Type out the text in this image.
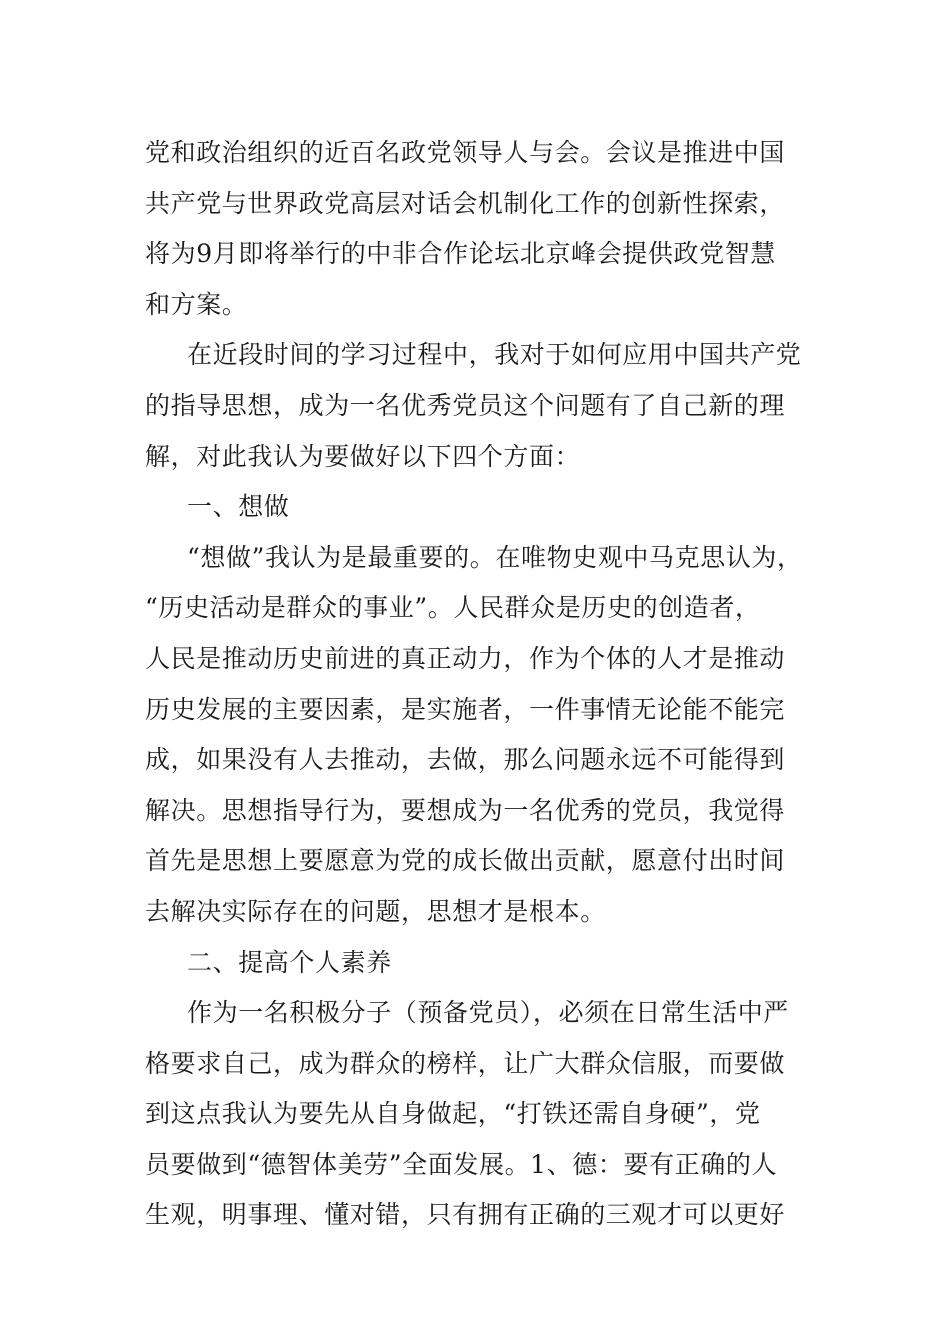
党和政治组织的近百名政党领导人与会。会议是推进中国
共产党与世界政党高层对话会机制化工作的创新性探索，
将为9月即将举行的中非合作论坛北京峰会提供政党智慧
和方案。
在近段时间的学习过程中，我对于如何应用中国共产党
的指导思想，成为一名优秀党员这个问题有了自己新的理
解，对此我认为要做好以下四个方面：
一、想做
“想做”我认为是最重要的。在唯物史观中马克思认为，
“历史活动是群众的事业”。人民群众是历史的创造者，
人民是推动历史前进的真正动力，作为个体的人才是推动
历史发展的主要因素，是实施者，一件事情无论能不能完
成，如果没有人去推动，去做，那么问题永远不可能得到
解决。思想指导行为，要想成为一名优秀的党员，我觉得
首先是思想上要愿意为党的成长做出贡献，愿意付出时间
去解决实际存在的问题，思想才是根本。
二、提高个人素养
作为一名积极分子（预备党员），必须在日常生活中严
格要求自己，成为群众的榜样，让广大群众信服，而要做
到这点我认为要先从自身做起，“打铁还需自身硬”，党
员要做到“德智体美劳”全面发展。1、德：要有正确的人
生观，明事理、懂对错，只有拥有正确的三观才可以更好
